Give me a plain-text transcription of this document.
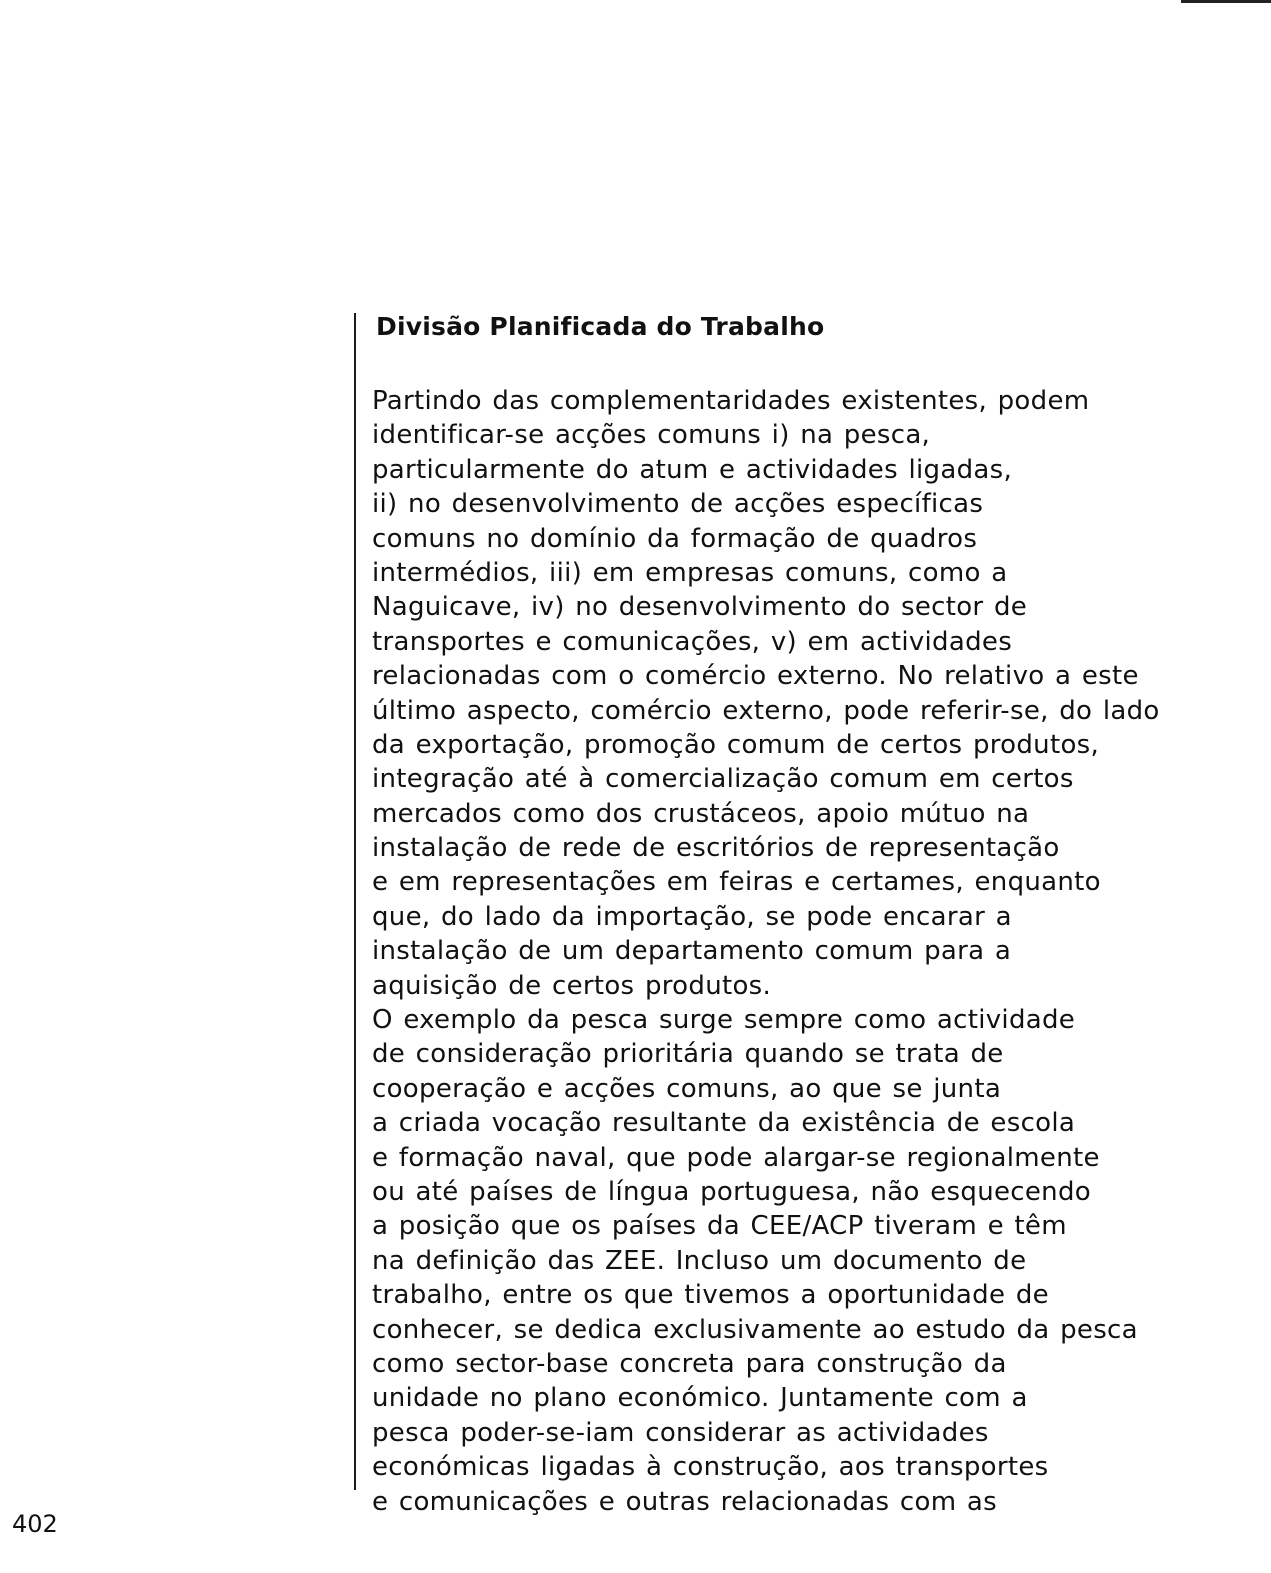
Divisão Planificada do Trabalho
Partindo das complementaridades existentes, podem
identificar-se acções comuns i) na pesca,
particularmente do atum e actividades ligadas,
ii) no desenvolvimento de acções específicas
comuns no domínio da formação de quadros
intermédios, iii) em empresas comuns, como a
Naguicave, iv) no desenvolvimento do sector de
transportes e comunicações, v) em actividades
relacionadas com o comércio externo. No relativo a este
último aspecto, comércio externo, pode referir-se, do lado
da exportação, promoção comum de certos produtos,
integração até à comercialização comum em certos
mercados como dos crustáceos, apoio mútuo na
instalação de rede de escritórios de representação
e em representações em feiras e certames, enquanto
que, do lado da importação, se pode encarar a
instalação de um departamento comum para a
aquisição de certos produtos.
O exemplo da pesca surge sempre como actividade
de consideração prioritária quando se trata de
cooperação e acções comuns, ao que se junta
a criada vocação resultante da existência de escola
e formação naval, que pode alargar-se regionalmente
ou até países de língua portuguesa, não esquecendo
a posição que os países da CEE/ACP tiveram e têm
na definição das ZEE. Incluso um documento de
trabalho, entre os que tivemos a oportunidade de
conhecer, se dedica exclusivamente ao estudo da pesca
como sector-base concreta para construção da
unidade no plano económico. Juntamente com a
pesca poder-se-iam considerar as actividades
económicas ligadas à construção, aos transportes
e comunicações e outras relacionadas com as
402
